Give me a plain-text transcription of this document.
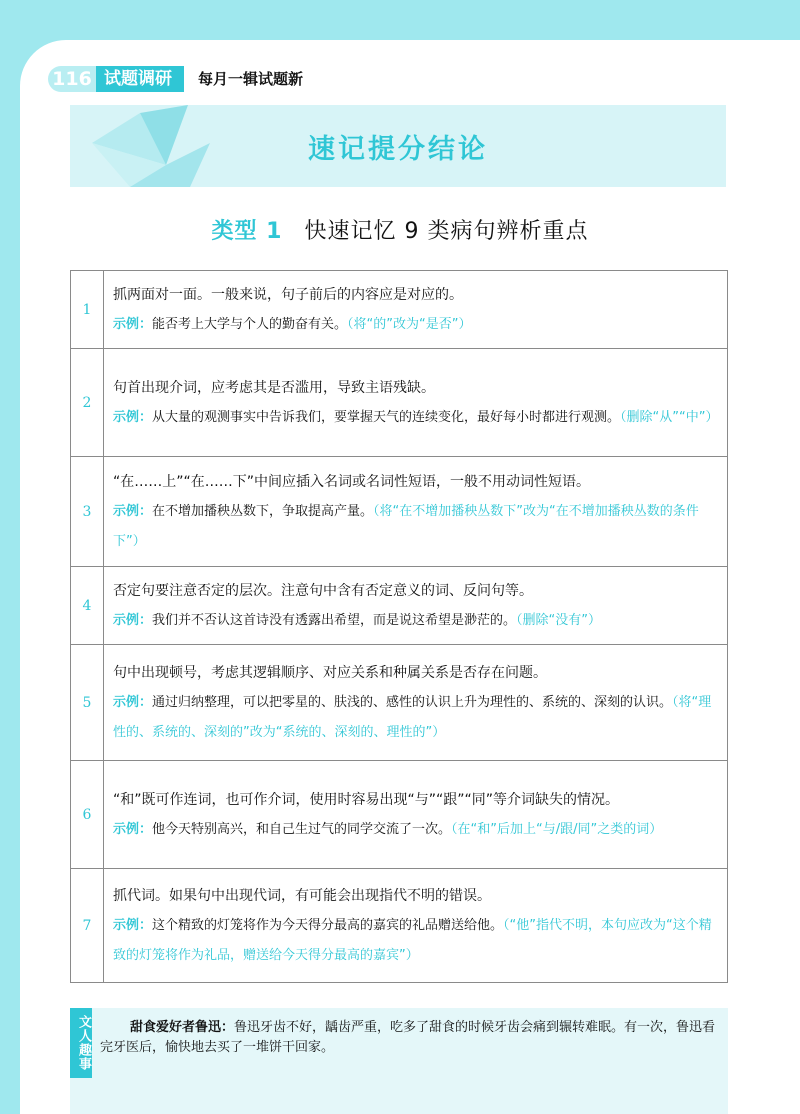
116 试题调研	每月一辑试题新
速记提分结论
类型 1 快速记忆 9 类病句辨析重点
1	抓两面对一面。一般来说，句子前后的内容应是对应的。
示例：能否考上大学与个人的勤奋有关。（将“的”改为“是否”）

2	句首出现介词，应考虑其是否滥用，导致主语残缺。
示例：从大量的观测事实中告诉我们，要掌握天气的连续变化，最好每小时都进行观测。（删除“从”“中”）

3	“在……上”“在……下”中间应插入名词或名词性短语，一般不用动词性短语。
示例：在不增加播秧丛数下，争取提高产量。（将“在不增加播秧丛数下”改为“在不增加播秧丛数的条件下”）

4	否定句要注意否定的层次。注意句中含有否定意义的词、反问句等。
示例：我们并不否认这首诗没有透露出希望，而是说这希望是渺茫的。（删除“没有”）

5	句中出现顿号，考虑其逻辑顺序、对应关系和种属关系是否存在问题。
示例：通过归纳整理，可以把零星的、肤浅的、感性的认识上升为理性的、系统的、深刻的认识。（将“理性的、系统的、深刻的”改为“系统的、深刻的、理性的”）

6	“和”既可作连词，也可作介词，使用时容易出现“与”“跟”“同”等介词缺失的情况。
示例：他今天特别高兴，和自己生过气的同学交流了一次。（在“和”后加上“与/跟/同”之类的词）

7	抓代词。如果句中出现代词，有可能会出现指代不明的错误。
示例：这个精致的灯笼将作为今天得分最高的嘉宾的礼品赠送给他。（“他”指代不明，本句应改为“这个精致的灯笼将作为礼品，赠送给今天得分最高的嘉宾”）
文人趣事	甜食爱好者鲁迅：鲁迅牙齿不好，龋齿严重，吃多了甜食的时候牙齿会痛到辗转难眠。有一次，鲁迅看完牙医后，愉快地去买了一堆饼干回家。
